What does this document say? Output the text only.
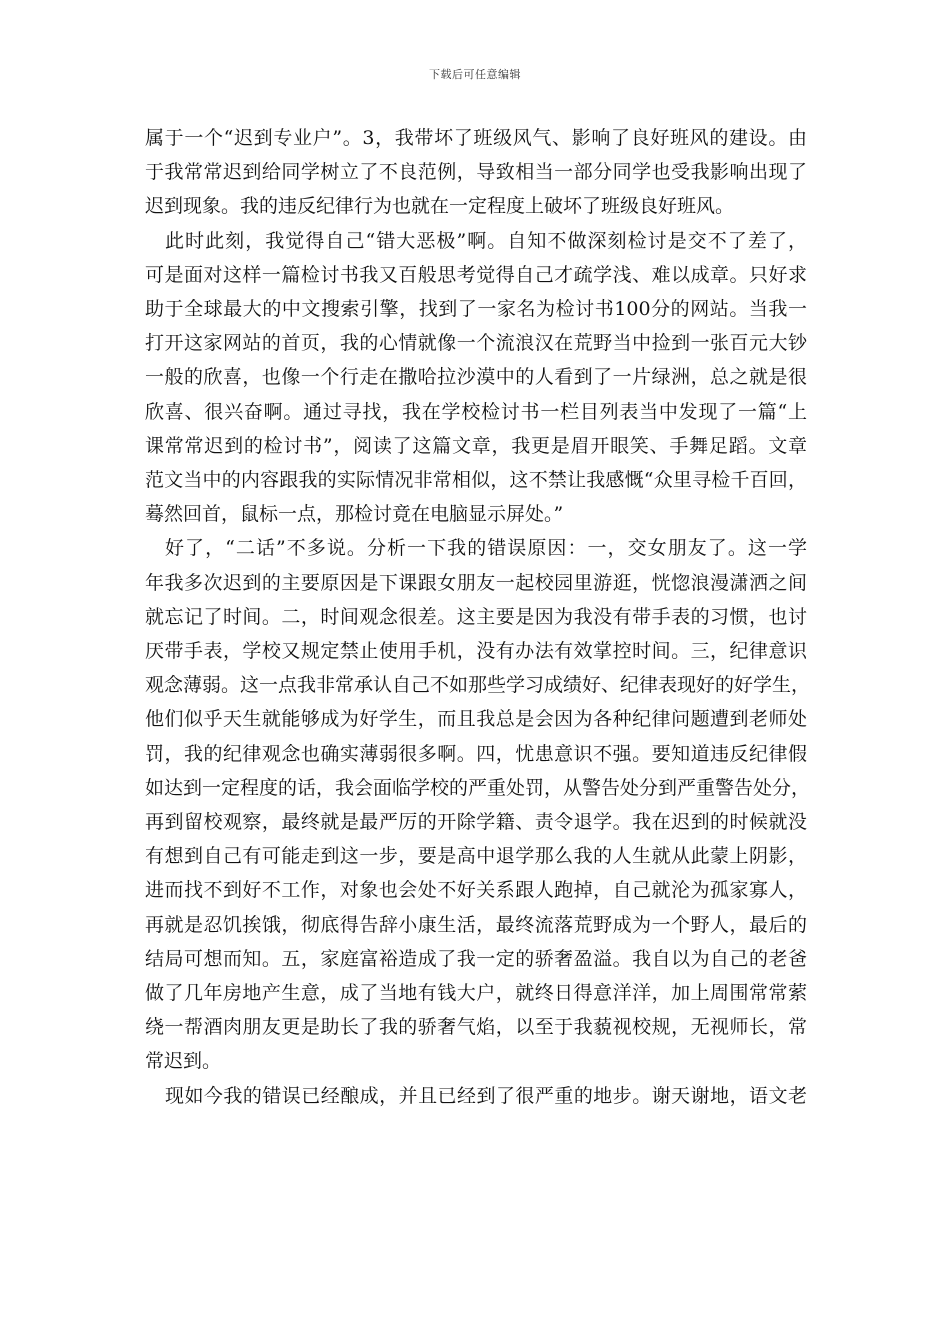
下载后可任意编辑
属于一个“迟到专业户”。3，我带坏了班级风气、影响了良好班风的建设。由
于我常常迟到给同学树立了不良范例，导致相当一部分同学也受我影响出现了
迟到现象。我的违反纪律行为也就在一定程度上破坏了班级良好班风。
此时此刻，我觉得自己“错大恶极”啊。自知不做深刻检讨是交不了差了，
可是面对这样一篇检讨书我又百般思考觉得自己才疏学浅、难以成章。只好求
助于全球最大的中文搜索引擎，找到了一家名为检讨书100分的网站。当我一
打开这家网站的首页，我的心情就像一个流浪汉在荒野当中捡到一张百元大钞
一般的欣喜，也像一个行走在撒哈拉沙漠中的人看到了一片绿洲，总之就是很
欣喜、很兴奋啊。通过寻找，我在学校检讨书一栏目列表当中发现了一篇“上
课常常迟到的检讨书”，阅读了这篇文章，我更是眉开眼笑、手舞足蹈。文章
范文当中的内容跟我的实际情况非常相似，这不禁让我感慨“众里寻检千百回，
蓦然回首，鼠标一点，那检讨竟在电脑显示屏处。”
好了，“二话”不多说。分析一下我的错误原因：一，交女朋友了。这一学
年我多次迟到的主要原因是下课跟女朋友一起校园里游逛，恍惚浪漫潇洒之间
就忘记了时间。二，时间观念很差。这主要是因为我没有带手表的习惯，也讨
厌带手表，学校又规定禁止使用手机，没有办法有效掌控时间。三，纪律意识
观念薄弱。这一点我非常承认自己不如那些学习成绩好、纪律表现好的好学生，
他们似乎天生就能够成为好学生，而且我总是会因为各种纪律问题遭到老师处
罚，我的纪律观念也确实薄弱很多啊。四，忧患意识不强。要知道违反纪律假
如达到一定程度的话，我会面临学校的严重处罚，从警告处分到严重警告处分，
再到留校观察，最终就是最严厉的开除学籍、责令退学。我在迟到的时候就没
有想到自己有可能走到这一步，要是高中退学那么我的人生就从此蒙上阴影，
进而找不到好不工作，对象也会处不好关系跟人跑掉，自己就沦为孤家寡人，
再就是忍饥挨饿，彻底得告辞小康生活，最终流落荒野成为一个野人，最后的
结局可想而知。五，家庭富裕造成了我一定的骄奢盈溢。我自以为自己的老爸
做了几年房地产生意，成了当地有钱大户，就终日得意洋洋，加上周围常常萦
绕一帮酒肉朋友更是助长了我的骄奢气焰，以至于我藐视校规，无视师长，常
常迟到。
现如今我的错误已经酿成，并且已经到了很严重的地步。谢天谢地，语文老
